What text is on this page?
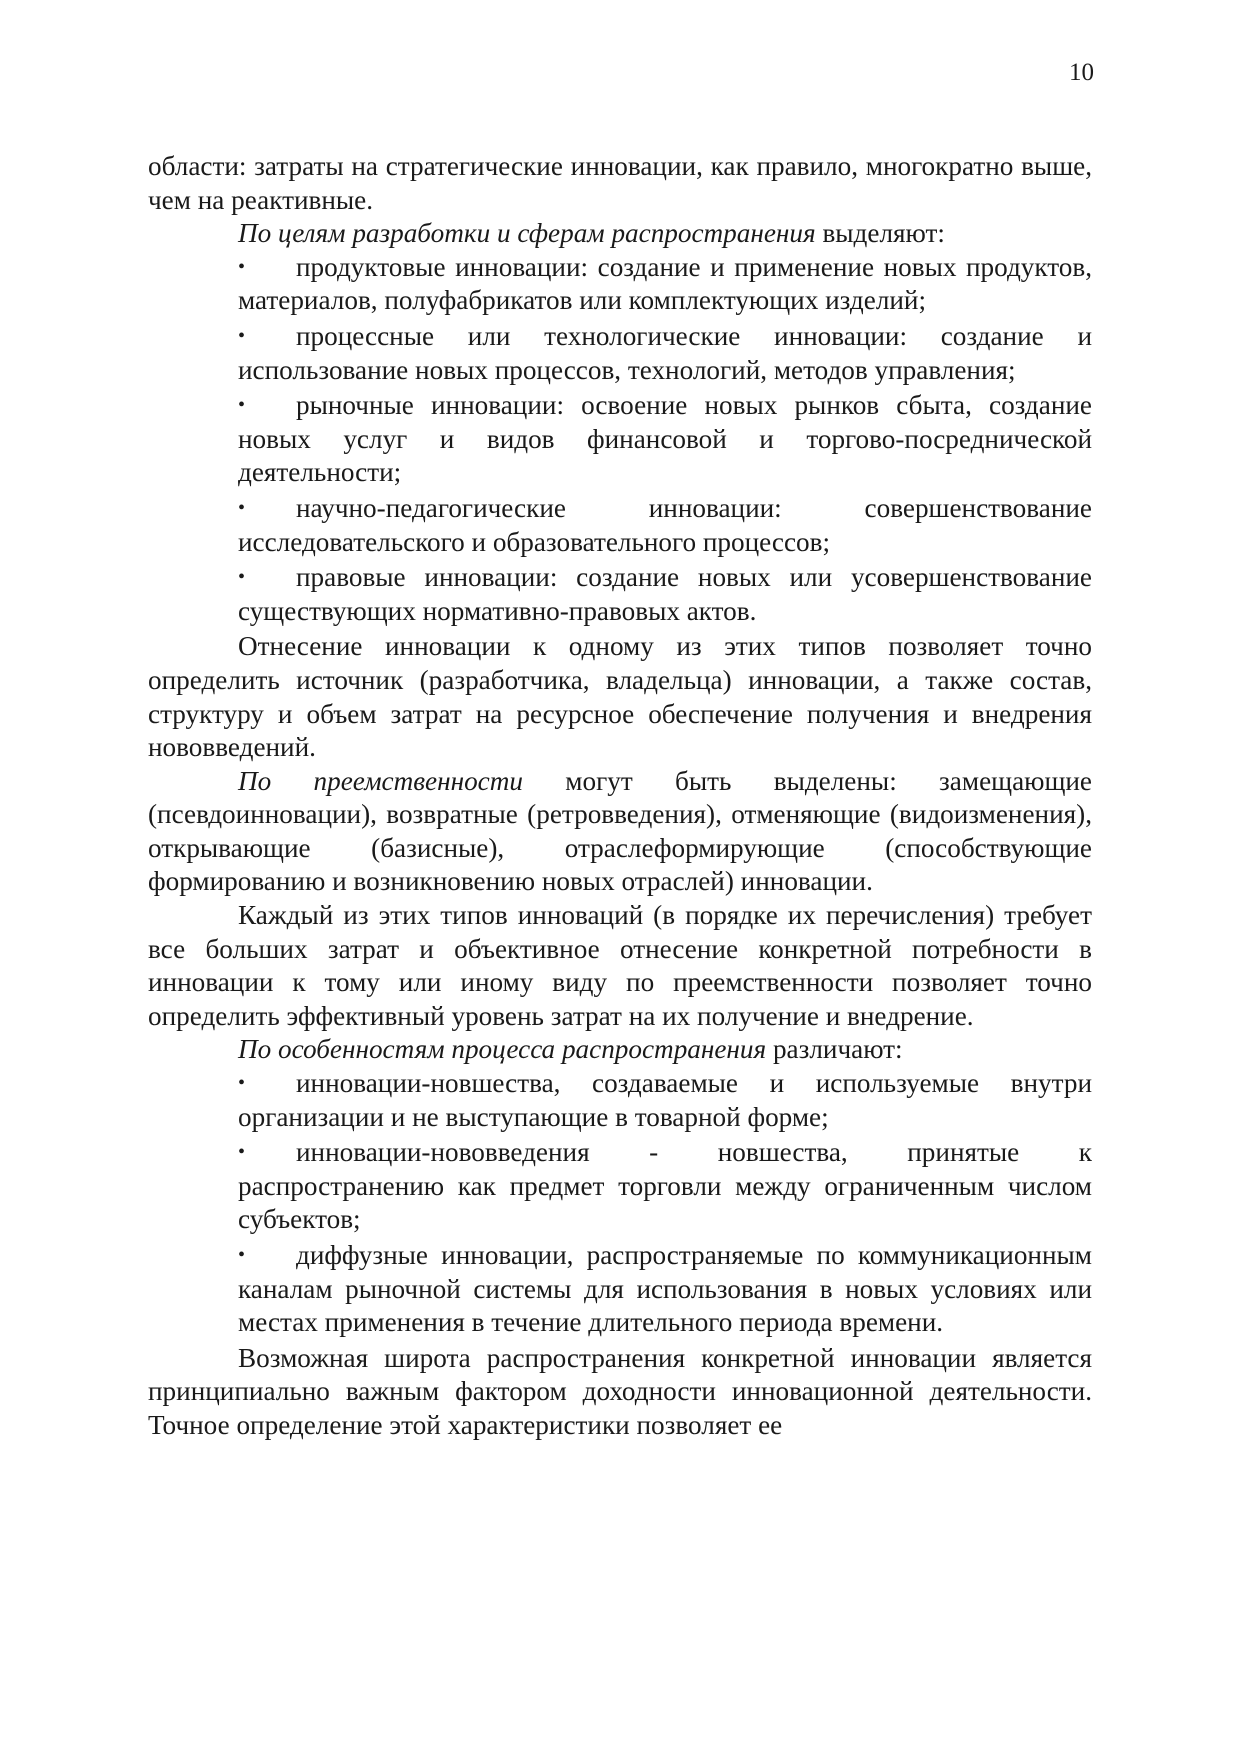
10

области: затраты на стратегические инновации, как правило, многократно выше, чем на реактивные.

По целям разработки и сферам распространения выделяют:

• продуктовые инновации: создание и применение новых продуктов, материалов, полуфабрикатов или комплектующих изделий;
• процессные или технологические инновации: создание и использование новых процессов, технологий, методов управления;
• рыночные инновации: освоение новых рынков сбыта, создание новых услуг и видов финансовой и торгово-посреднической деятельности;
• научно-педагогические инновации: совершенствование исследовательского и образовательного процессов;
• правовые инновации: создание новых или усовершенствование существующих нормативно-правовых актов.

Отнесение инновации к одному из этих типов позволяет точно определить источник (разработчика, владельца) инновации, а также состав, структуру и объем затрат на ресурсное обеспечение получения и внедрения нововведений.

По преемственности могут быть выделены: замещающие (псевдоинновации), возвратные (ретровведения), отменяющие (видоизменения), открывающие (базисные), отраслеформирующие (способствующие формированию и возникновению новых отраслей) инновации.

Каждый из этих типов инноваций (в порядке их перечисления) требует все больших затрат и объективное отнесение конкретной потребности в инновации к тому или иному виду по преемственности позволяет точно определить эффективный уровень затрат на их получение и внедрение.

По особенностям процесса распространения различают:

• инновации-новшества, создаваемые и используемые внутри организации и не выступающие в товарной форме;
• инновации-нововведения - новшества, принятые к распространению как предмет торговли между ограниченным числом субъектов;
• диффузные инновации, распространяемые по коммуникационным каналам рыночной системы для использования в новых условиях или местах применения в течение длительного периода времени.

Возможная широта распространения конкретной инновации является принципиально важным фактором доходности инновационной деятельности. Точное определение этой характеристики позволяет ее
